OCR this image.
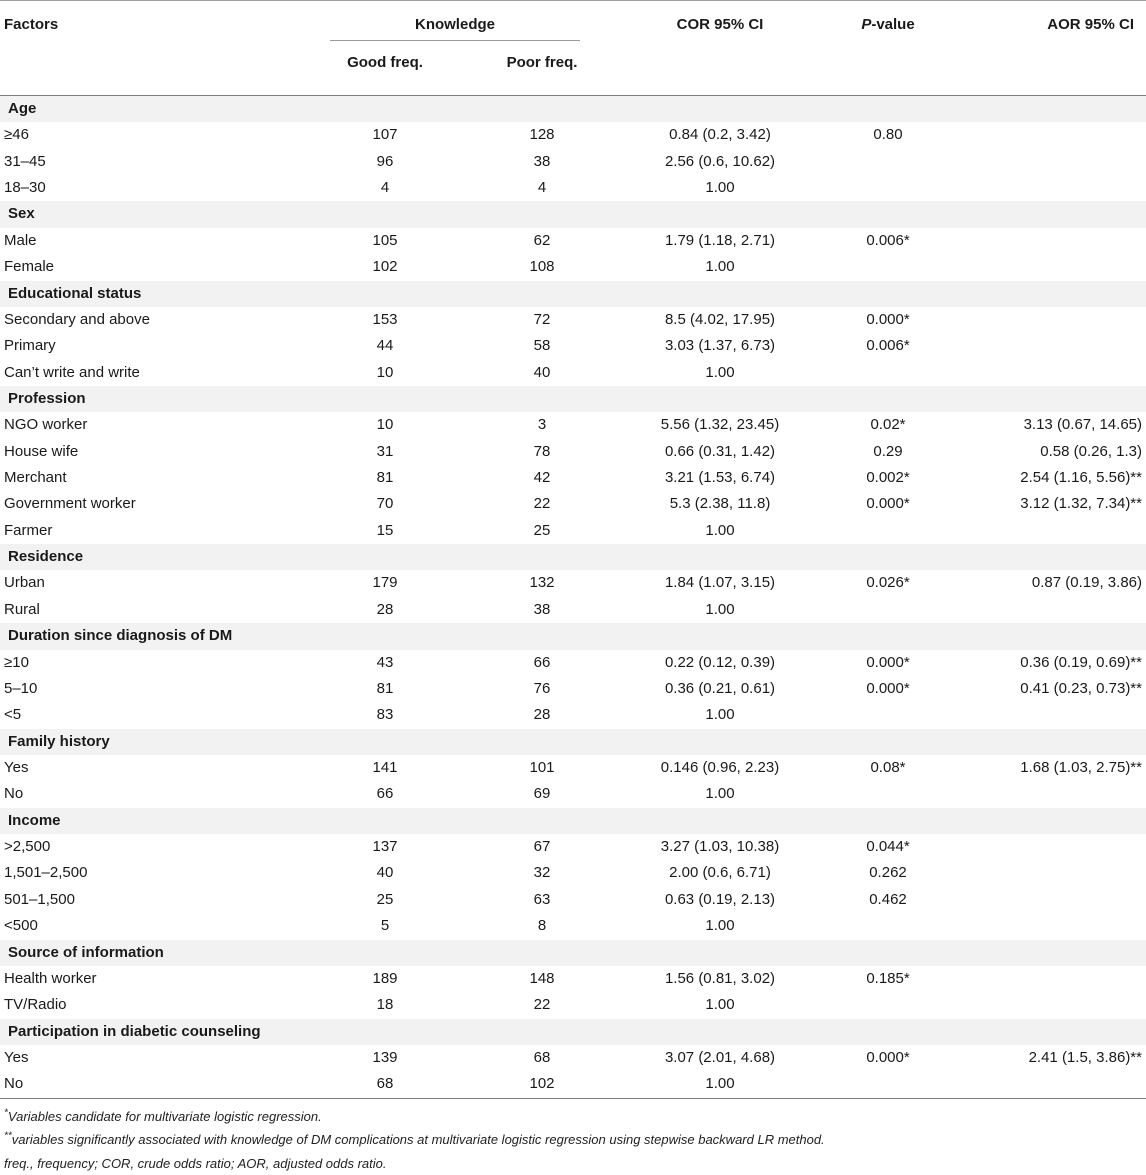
Factors	Knowledge	COR 95% CI	P-value	AOR 95% CI
Good freq.	Poor freq.
Age
≥46	107	128	0.84 (0.2, 3.42)	0.80
31–45	96	38	2.56 (0.6, 10.62)
18–30	4	4	1.00
Sex
Male	105	62	1.79 (1.18, 2.71)	0.006*
Female	102	108	1.00
Educational status
Secondary and above	153	72	8.5 (4.02, 17.95)	0.000*
Primary	44	58	3.03 (1.37, 6.73)	0.006*
Can’t write and write	10	40	1.00
Profession
NGO worker	10	3	5.56 (1.32, 23.45)	0.02*	3.13 (0.67, 14.65)
House wife	31	78	0.66 (0.31, 1.42)	0.29	0.58 (0.26, 1.3)
Merchant	81	42	3.21 (1.53, 6.74)	0.002*	2.54 (1.16, 5.56)**
Government worker	70	22	5.3 (2.38, 11.8)	0.000*	3.12 (1.32, 7.34)**
Farmer	15	25	1.00
Residence
Urban	179	132	1.84 (1.07, 3.15)	0.026*	0.87 (0.19, 3.86)
Rural	28	38	1.00
Duration since diagnosis of DM
≥10	43	66	0.22 (0.12, 0.39)	0.000*	0.36 (0.19, 0.69)**
5–10	81	76	0.36 (0.21, 0.61)	0.000*	0.41 (0.23, 0.73)**
<5	83	28	1.00
Family history
Yes	141	101	0.146 (0.96, 2.23)	0.08*	1.68 (1.03, 2.75)**
No	66	69	1.00
Income
>2,500	137	67	3.27 (1.03, 10.38)	0.044*
1,501–2,500	40	32	2.00 (0.6, 6.71)	0.262
501–1,500	25	63	0.63 (0.19, 2.13)	0.462
<500	5	8	1.00
Source of information
Health worker	189	148	1.56 (0.81, 3.02)	0.185*
TV/Radio	18	22	1.00
Participation in diabetic counseling
Yes	139	68	3.07 (2.01, 4.68)	0.000*	2.41 (1.5, 3.86)**
No	68	102	1.00
*Variables candidate for multivariate logistic regression.
**variables significantly associated with knowledge of DM complications at multivariate logistic regression using stepwise backward LR method.
freq., frequency; COR, crude odds ratio; AOR, adjusted odds ratio.
